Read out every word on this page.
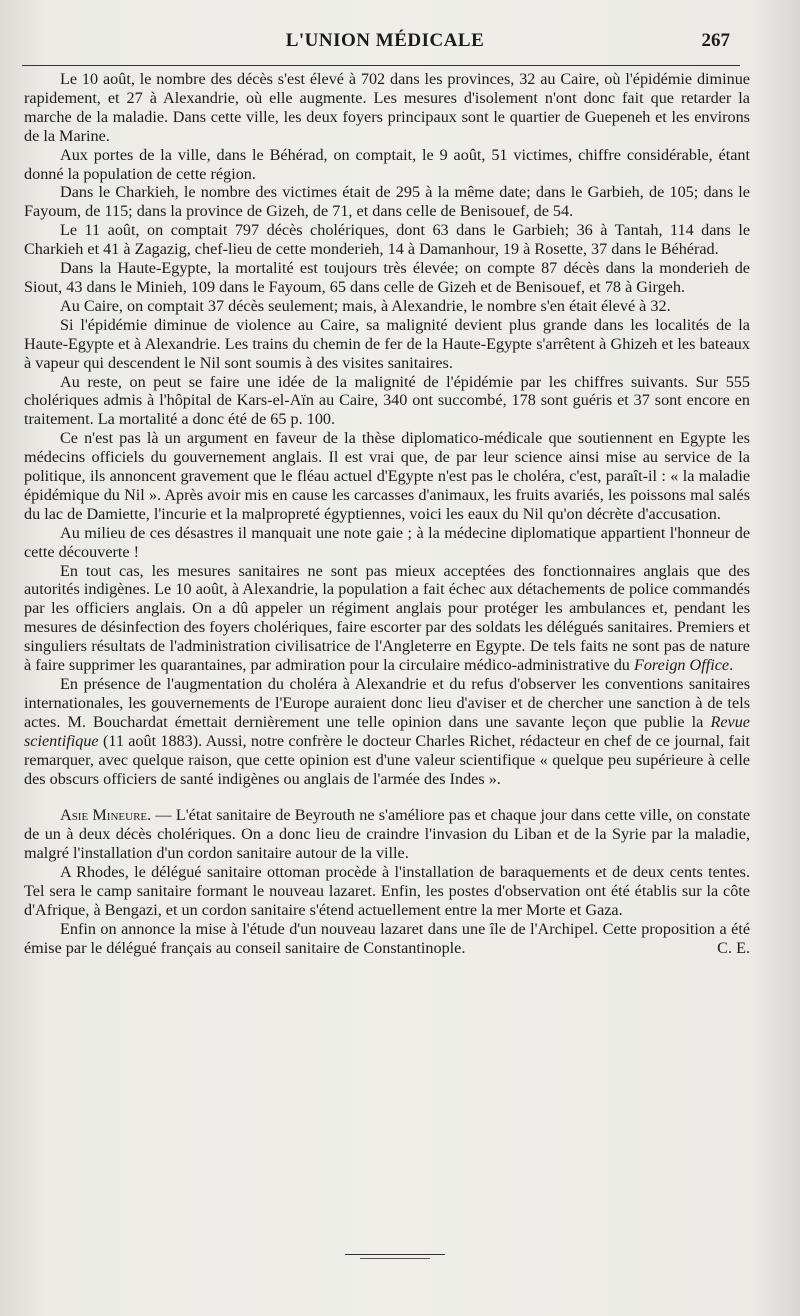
L'UNION MÉDICALE	267

Le 10 août, le nombre des décès s'est élevé à 702 dans les provinces, 32 au Caire, où l'épidémie diminue rapidement, et 27 à Alexandrie, où elle augmente. Les mesures d'isolement n'ont donc fait que retarder la marche de la maladie. Dans cette ville, les deux foyers principaux sont le quartier de Guepeneh et les environs de la Marine.

Aux portes de la ville, dans le Béhérad, on comptait, le 9 août, 51 victimes, chiffre considérable, étant donné la population de cette région.

Dans le Charkieh, le nombre des victimes était de 295 à la même date; dans le Garbieh, de 105; dans le Fayoum, de 115; dans la province de Gizeh, de 71, et dans celle de Benisouef, de 54.

Le 11 août, on comptait 797 décès cholériques, dont 63 dans le Garbieh; 36 à Tantah, 114 dans le Charkieh et 41 à Zagazig, chef-lieu de cette monderieh, 14 à Damanhour, 19 à Rosette, 37 dans le Béhérad.

Dans la Haute-Egypte, la mortalité est toujours très élevée; on compte 87 décès dans la monderieh de Siout, 43 dans le Minieh, 109 dans le Fayoum, 65 dans celle de Gizeh et de Benisouef, et 78 à Girgeh.

Au Caire, on comptait 37 décès seulement; mais, à Alexandrie, le nombre s'en était élevé à 32.

Si l'épidémie diminue de violence au Caire, sa malignité devient plus grande dans les localités de la Haute-Egypte et à Alexandrie. Les trains du chemin de fer de la Haute-Egypte s'arrêtent à Ghizeh et les bateaux à vapeur qui descendent le Nil sont soumis à des visites sanitaires.

Au reste, on peut se faire une idée de la malignité de l'épidémie par les chiffres suivants. Sur 555 cholériques admis à l'hôpital de Kars-el-Aïn au Caire, 340 ont succombé, 178 sont guéris et 37 sont encore en traitement. La mortalité a donc été de 65 p. 100.

Ce n'est pas là un argument en faveur de la thèse diplomatico-médicale que soutiennent en Egypte les médecins officiels du gouvernement anglais. Il est vrai que, de par leur science ainsi mise au service de la politique, ils annoncent gravement que le fléau actuel d'Egypte n'est pas le choléra, c'est, paraît-il : « la maladie épidémique du Nil ». Après avoir mis en cause les carcasses d'animaux, les fruits avariés, les poissons mal salés du lac de Damiette, l'incurie et la malpropreté égyptiennes, voici les eaux du Nil qu'on décrète d'accusation.

Au milieu de ces désastres il manquait une note gaie ; à la médecine diplomatique appartient l'honneur de cette découverte !

En tout cas, les mesures sanitaires ne sont pas mieux acceptées des fonctionnaires anglais que des autorités indigènes. Le 10 août, à Alexandrie, la population a fait échec aux détachements de police commandés par les officiers anglais. On a dû appeler un régiment anglais pour protéger les ambulances et, pendant les mesures de désinfection des foyers cholériques, faire escorter par des soldats les délégués sanitaires. Premiers et singuliers résultats de l'administration civilisatrice de l'Angleterre en Egypte. De tels faits ne sont pas de nature à faire supprimer les quarantaines, par admiration pour la circulaire médico-administrative du Foreign Office.

En présence de l'augmentation du choléra à Alexandrie et du refus d'observer les conventions sanitaires internationales, les gouvernements de l'Europe auraient donc lieu d'aviser et de chercher une sanction à de tels actes. M. Bouchardat émettait dernièrement une telle opinion dans une savante leçon que publie la Revue scientifique (11 août 1883). Aussi, notre confrère le docteur Charles Richet, rédacteur en chef de ce journal, fait remarquer, avec quelque raison, que cette opinion est d'une valeur scientifique « quelque peu supérieure à celle des obscurs officiers de santé indigènes ou anglais de l'armée des Indes ».

Asie Mineure. — L'état sanitaire de Beyrouth ne s'améliore pas et chaque jour dans cette ville, on constate de un à deux décès cholériques. On a donc lieu de craindre l'invasion du Liban et de la Syrie par la maladie, malgré l'installation d'un cordon sanitaire autour de la ville.

A Rhodes, le délégué sanitaire ottoman procède à l'installation de baraquements et de deux cents tentes. Tel sera le camp sanitaire formant le nouveau lazaret. Enfin, les postes d'observation ont été établis sur la côte d'Afrique, à Bengazi, et un cordon sanitaire s'étend actuellement entre la mer Morte et Gaza.

Enfin on annonce la mise à l'étude d'un nouveau lazaret dans une île de l'Archipel. Cette proposition a été émise par le délégué français au conseil sanitaire de Constantinople.	C. E.
